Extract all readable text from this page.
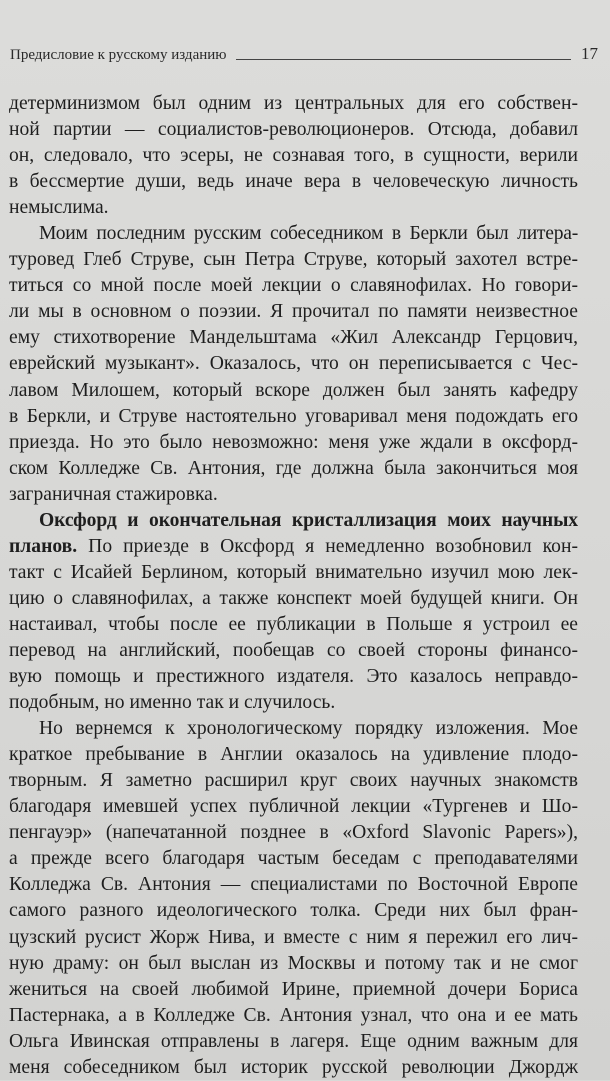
Предисловие к русскому изданию	17
детерминизмом был одним из центральных для его собствен-
ной партии — социалистов-революционеров. Отсюда, добавил
он, следовало, что эсеры, не сознавая того, в сущности, верили
в бессмертие души, ведь иначе вера в человеческую личность
немыслима.
Моим последним русским собеседником в Беркли был литера-
туровед Глеб Струве, сын Петра Струве, который захотел встре-
титься со мной после моей лекции о славянофилах. Но говори-
ли мы в основном о поэзии. Я прочитал по памяти неизвестное
ему стихотворение Мандельштама «Жил Александр Герцович,
еврейский музыкант». Оказалось, что он переписывается с Чес-
лавом Милошем, который вскоре должен был занять кафедру
в Беркли, и Струве настоятельно уговаривал меня подождать его
приезда. Но это было невозможно: меня уже ждали в оксфорд-
ском Колледже Св. Антония, где должна была закончиться моя
заграничная стажировка.
Оксфорд и окончательная кристаллизация моих научных
планов. По приезде в Оксфорд я немедленно возобновил кон-
такт с Исайей Берлином, который внимательно изучил мою лек-
цию о славянофилах, а также конспект моей будущей книги. Он
настаивал, чтобы после ее публикации в Польше я устроил ее
перевод на английский, пообещав со своей стороны финансо-
вую помощь и престижного издателя. Это казалось неправдо-
подобным, но именно так и случилось.
Но вернемся к хронологическому порядку изложения. Мое
краткое пребывание в Англии оказалось на удивление плодо-
творным. Я заметно расширил круг своих научных знакомств
благодаря имевшей успех публичной лекции «Тургенев и Шо-
пенгауэр» (напечатанной позднее в «Oxford Slavonic Papers»),
а прежде всего благодаря частым беседам с преподавателями
Колледжа Св. Антония — специалистами по Восточной Европе
самого разного идеологического толка. Среди них был фран-
цузский русист Жорж Нива, и вместе с ним я пережил его лич-
ную драму: он был выслан из Москвы и потому так и не смог
жениться на своей любимой Ирине, приемной дочери Бориса
Пастернака, а в Колледже Св. Антония узнал, что она и ее мать
Ольга Ивинская отправлены в лагеря. Еще одним важным для
меня собеседником был историк русской революции Джордж
